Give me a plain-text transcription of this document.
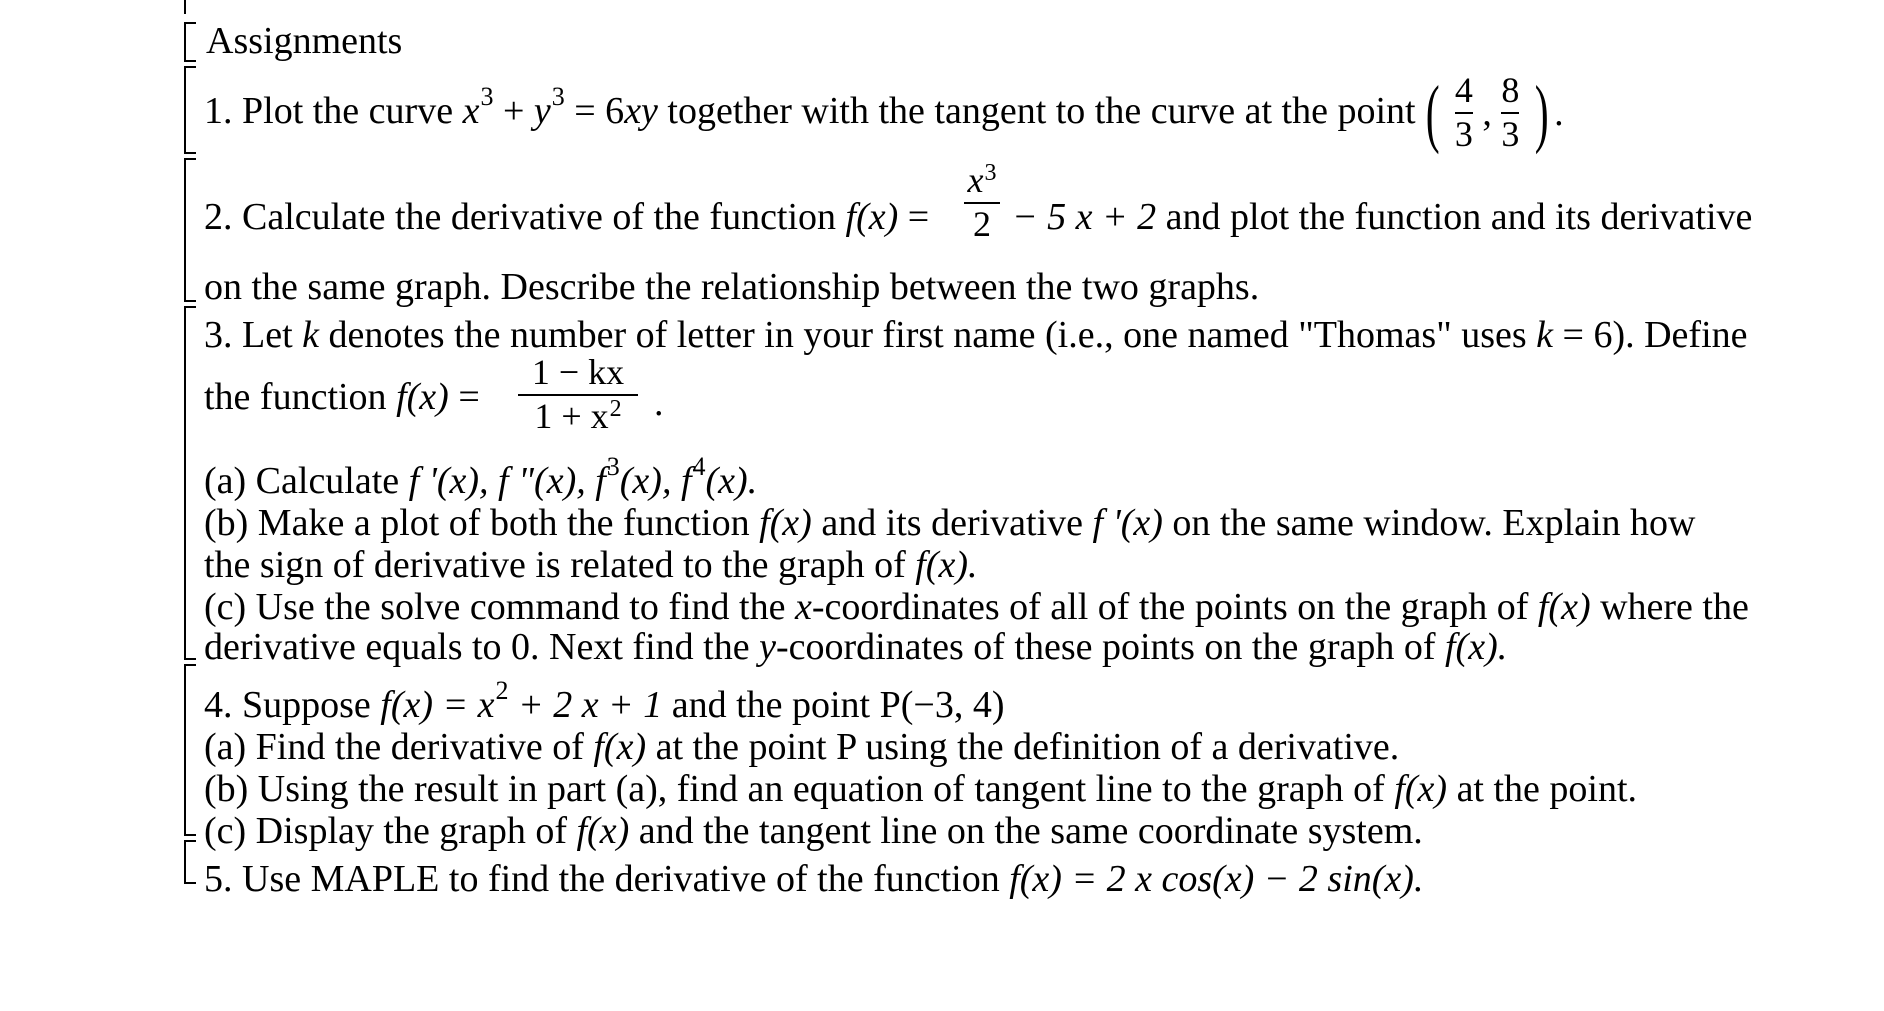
Assignments
1. Plot the curve $x^3 + y^3 = 6xy$ together with the tangent to the curve at the point ( $\frac{4}{3}$ , $\frac{8}{3}$ ) .
2. Calculate the derivative of the function $f(x) = \frac{x^3}{2} - 5$ x + 2 and plot the function and its derivative
on the same graph. Describe the relationship between the two graphs.
3. Let k denotes the number of letter in your first name (i.e., one named "Thomas" uses k = 6). Define
the function $f(x) = \frac{1 - kx}{1 + x^2}$ .
(a) Calculate f '(x), f "(x), $f^3(x)$, $f^4(x)$.
(b) Make a plot of both the function f(x) and its derivative f '(x) on the same window. Explain how
the sign of derivative is related to the graph of f(x).
(c) Use the solve command to find the x-coordinates of all of the points on the graph of f(x) where the
derivative equals to 0. Next find the y-coordinates of these points on the graph of f(x).
4. Suppose $f(x) = x^2 + 2$ x + 1 and the point P(−3, 4)
(a) Find the derivative of f(x) at the point P using the definition of a derivative.
(b) Using the result in part (a), find an equation of tangent line to the graph of f(x) at the point.
(c) Display the graph of f(x) and the tangent line on the same coordinate system.
5. Use MAPLE to find the derivative of the function f(x) = 2 x cos(x) − 2 sin(x).
